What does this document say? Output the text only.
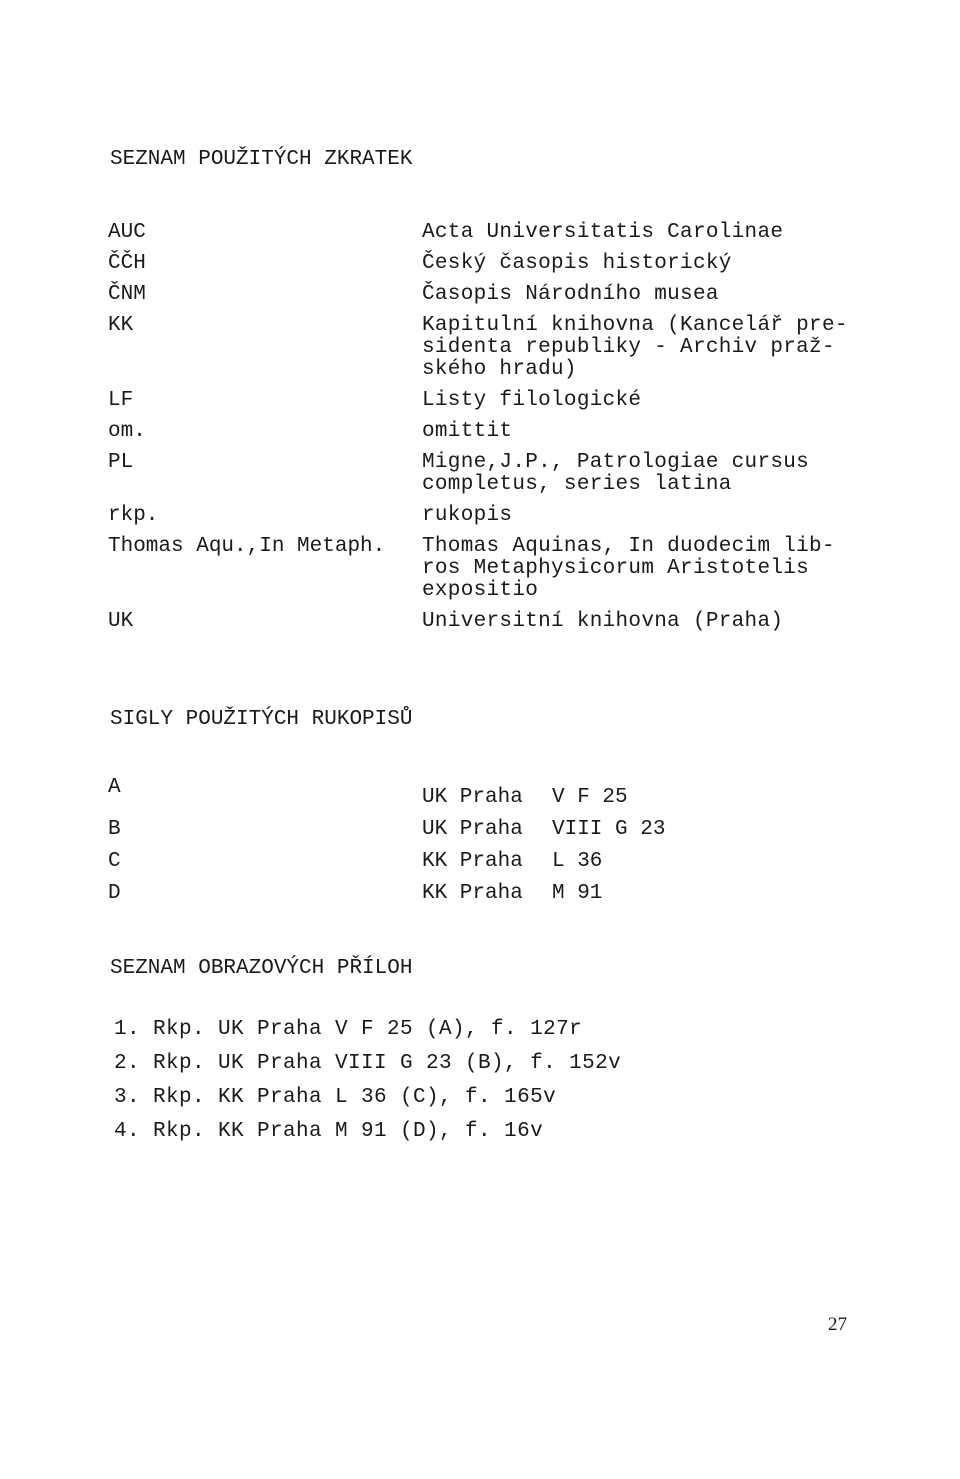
SEZNAM POUŽITÝCH ZKRATEK
AUC	Acta Universitatis Carolinae
ČČH	Český časopis historický
ČNM	Časopis Národního musea
KK	Kapitulní knihovna (Kancelář pre-sidenta republiky - Archiv praž-ského hradu)
LF	Listy filologické
om.	omittit
PL	Migne,J.P., Patrologiae cursus completus, series latina
rkp.	rukopis
Thomas Aqu.,In Metaph.	Thomas Aquinas, In duodecim lib-ros Metaphysicorum Aristotelis expositio
UK	Universitní knihovna (Praha)
SIGLY POUŽITÝCH RUKOPISŮ
A	UK Praha V F 25
B	UK Praha VIII G 23
C	KK Praha L 36
D	KK Praha M 91
SEZNAM OBRAZOVÝCH PŘÍLOH
1. Rkp. UK Praha V F 25 (A), f. 127r
2. Rkp. UK Praha VIII G 23 (B), f. 152v
3. Rkp. KK Praha L 36 (C), f. 165v
4. Rkp. KK Praha M 91 (D), f. 16v
27
